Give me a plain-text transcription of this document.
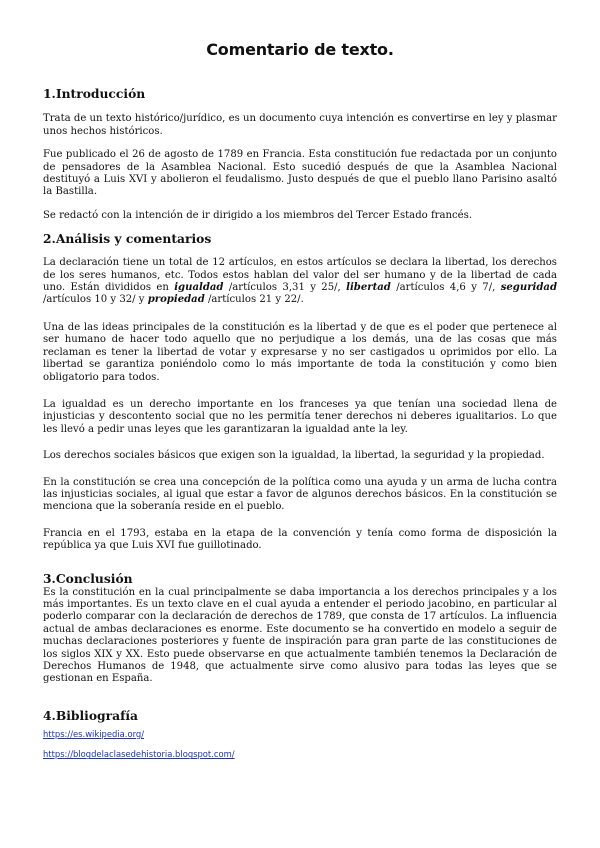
Comentario de texto.
1.Introducción

Trata de un texto histórico/jurídico, es un documento cuya intención es convertirse en ley y plasmar unos hechos históricos.

Fue publicado el 26 de agosto de 1789 en Francia. Esta constitución fue redactada por un conjunto de pensadores de la Asamblea Nacional. Esto sucedió después de que la Asamblea Nacional destituyó a Luis XVI y abolieron el feudalismo. Justo después de que el pueblo llano Parisino asaltó la Bastilla.

Se redactó con la intención de ir dirigido a los miembros del Tercer Estado francés.

2.Análisis y comentarios

La declaración tiene un total de 12 artículos, en estos artículos se declara la libertad, los derechos de los seres humanos, etc. Todos estos hablan del valor del ser humano y de la libertad de cada uno. Están divididos en igualdad /artículos 3,31 y 25/, libertad /artículos 4,6 y 7/, seguridad /artículos 10 y 32/ y propiedad /artículos 21 y 22/.

Una de las ideas principales de la constitución es la libertad y de que es el poder que pertenece al ser humano de hacer todo aquello que no perjudique a los demás, una de las cosas que más reclaman es tener la libertad de votar y expresarse y no ser castigados u oprimidos por ello. La libertad se garantiza poniéndolo como lo más importante de toda la constitución y como bien obligatorio para todos.

La igualdad es un derecho importante en los franceses ya que tenían una sociedad llena de injusticias y descontento social que no les permitía tener derechos ni deberes igualitarios. Lo que les llevó a pedir unas leyes que les garantizaran la igualdad ante la ley.

Los derechos sociales básicos que exigen son la igualdad, la libertad, la seguridad y la propiedad.

En la constitución se crea una concepción de la política como una ayuda y un arma de lucha contra las injusticias sociales, al igual que estar a favor de algunos derechos básicos. En la constitución se menciona que la soberanía reside en el pueblo.

Francia en el 1793, estaba en la etapa de la convención y tenía como forma de disposición la república ya que Luis XVI fue guillotinado.

3.Conclusión

Es la constitución en la cual principalmente se daba importancia a los derechos principales y a los más importantes. Es un texto clave en el cual ayuda a entender el periodo jacobino, en particular al poderlo comparar con la declaración de derechos de 1789, que consta de 17 artículos. La influencia actual de ambas declaraciones es enorme. Este documento se ha convertido en modelo a seguir de muchas declaraciones posteriores y fuente de inspiración para gran parte de las constituciones de los siglos XIX y XX. Esto puede observarse en que actualmente también tenemos la Declaración de Derechos Humanos de 1948, que actualmente sirve como alusivo para todas las leyes que se gestionan en España.

4.Bibliografía
https://es.wikipedia.org/
https://blogdelaclasedehistoria.blogspot.com/
